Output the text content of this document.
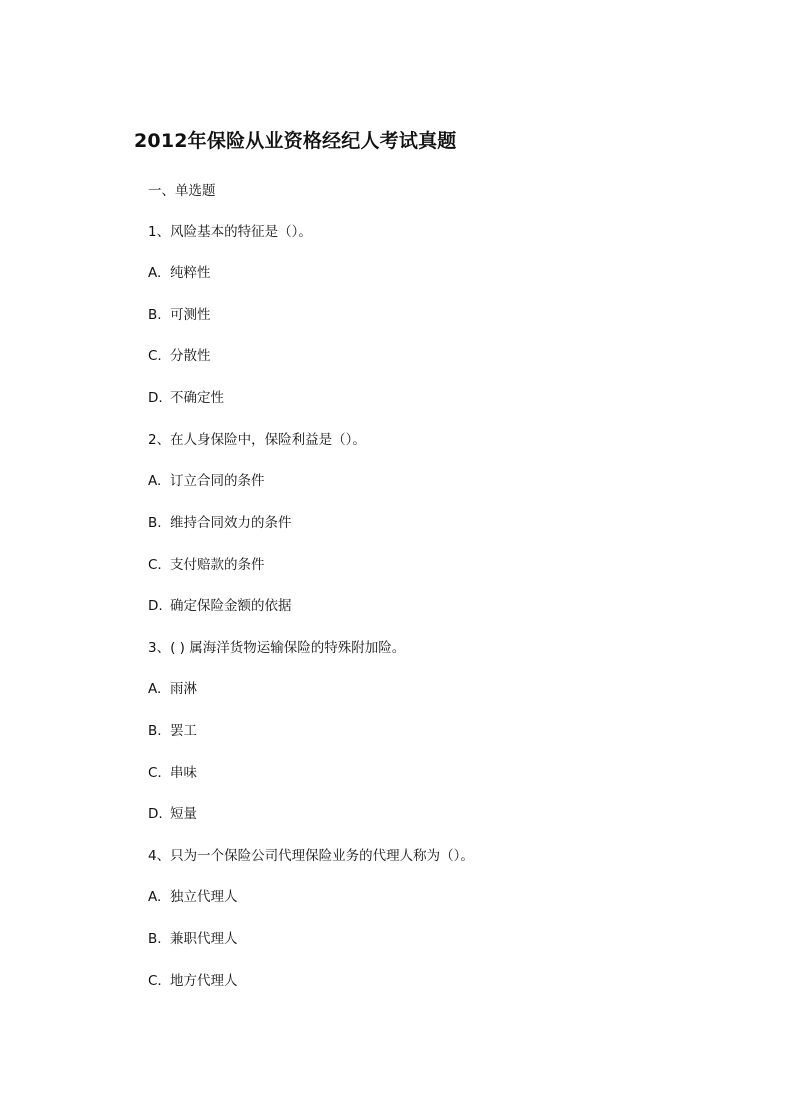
2012年保险从业资格经纪人考试真题
一、单选题
1、风险基本的特征是（）。
A. 纯粹性
B. 可测性
C. 分散性
D. 不确定性
2、在人身保险中，保险利益是（）。
A. 订立合同的条件
B. 维持合同效力的条件
C. 支付赔款的条件
D. 确定保险金额的依据
3、( ) 属海洋货物运输保险的特殊附加险。
A. 雨淋
B. 罢工
C. 串味
D. 短量
4、只为一个保险公司代理保险业务的代理人称为（）。
A. 独立代理人
B. 兼职代理人
C. 地方代理人
